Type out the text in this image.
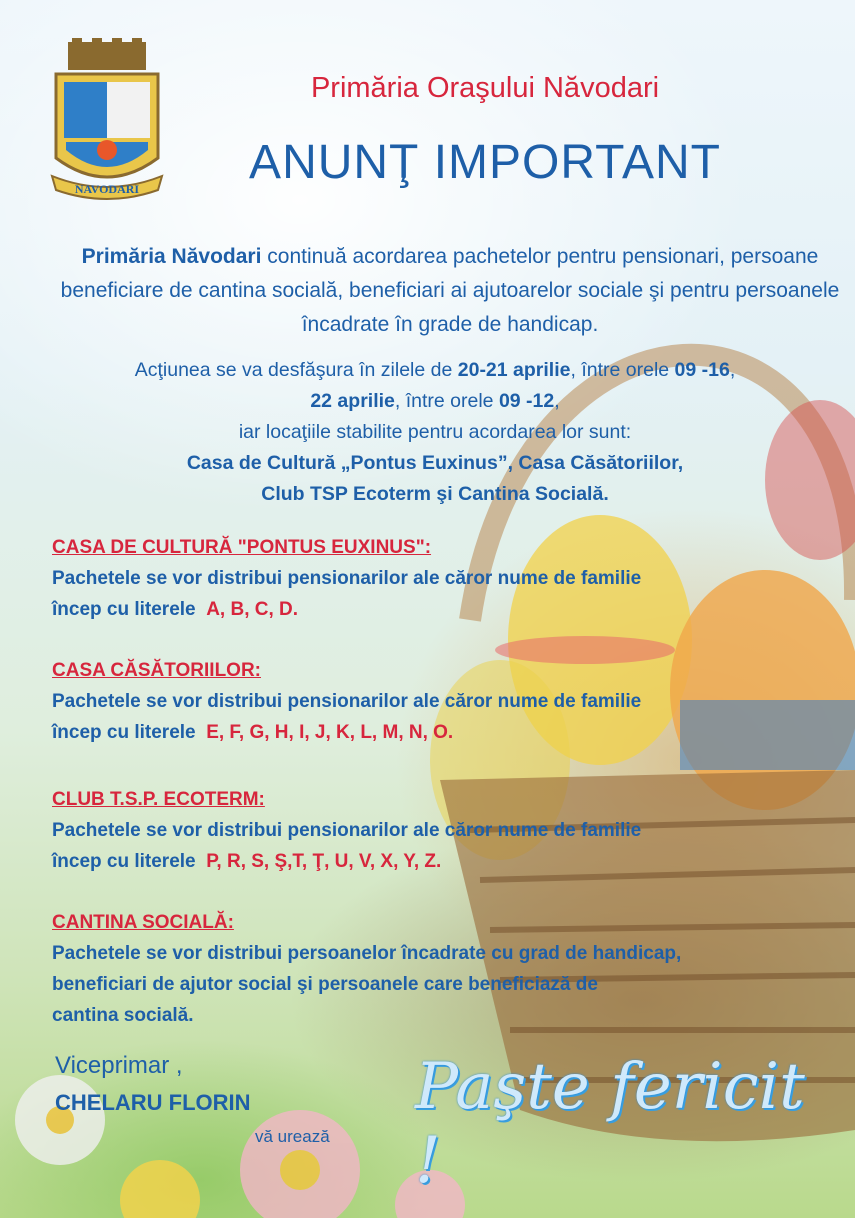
NAVODARI
Primăria Oraşului Năvodari
ANUNŢ IMPORTANT
Primăria Năvodari continuă acordarea pachetelor pentru pensionari, persoane beneficiare de cantina socială, beneficiari ai ajutoarelor sociale şi pentru persoanele încadrate în grade de handicap.
Acţiunea se va desfăşura în zilele de 20-21 aprilie, între orele 09 -16,
22 aprilie, între orele 09 -12,
iar locaţiile stabilite pentru acordarea lor sunt:
Casa de Cultură „Pontus Euxinus”, Casa Căsătoriilor,
Club TSP Ecoterm şi Cantina Socială.
CASA DE CULTURĂ "PONTUS EUXINUS":
Pachetele se vor distribui pensionarilor ale căror nume de familie
încep cu literele A, B, C, D.
CASA CĂSĂTORIILOR:
Pachetele se vor distribui pensionarilor ale căror nume de familie
încep cu literele E, F, G, H, I, J, K, L, M, N, O.
CLUB T.S.P. ECOTERM:
Pachetele se vor distribui pensionarilor ale căror nume de familie
încep cu literele P, R, S, Ş,T, Ţ, U, V, X, Y, Z.
CANTINA SOCIALĂ:
Pachetele se vor distribui persoanelor încadrate cu grad de handicap,
beneficiari de ajutor social şi persoanele care beneficiază de
cantina socială.
Viceprimar ,
CHELARU FLORIN
vă urează
Paşte fericit !
